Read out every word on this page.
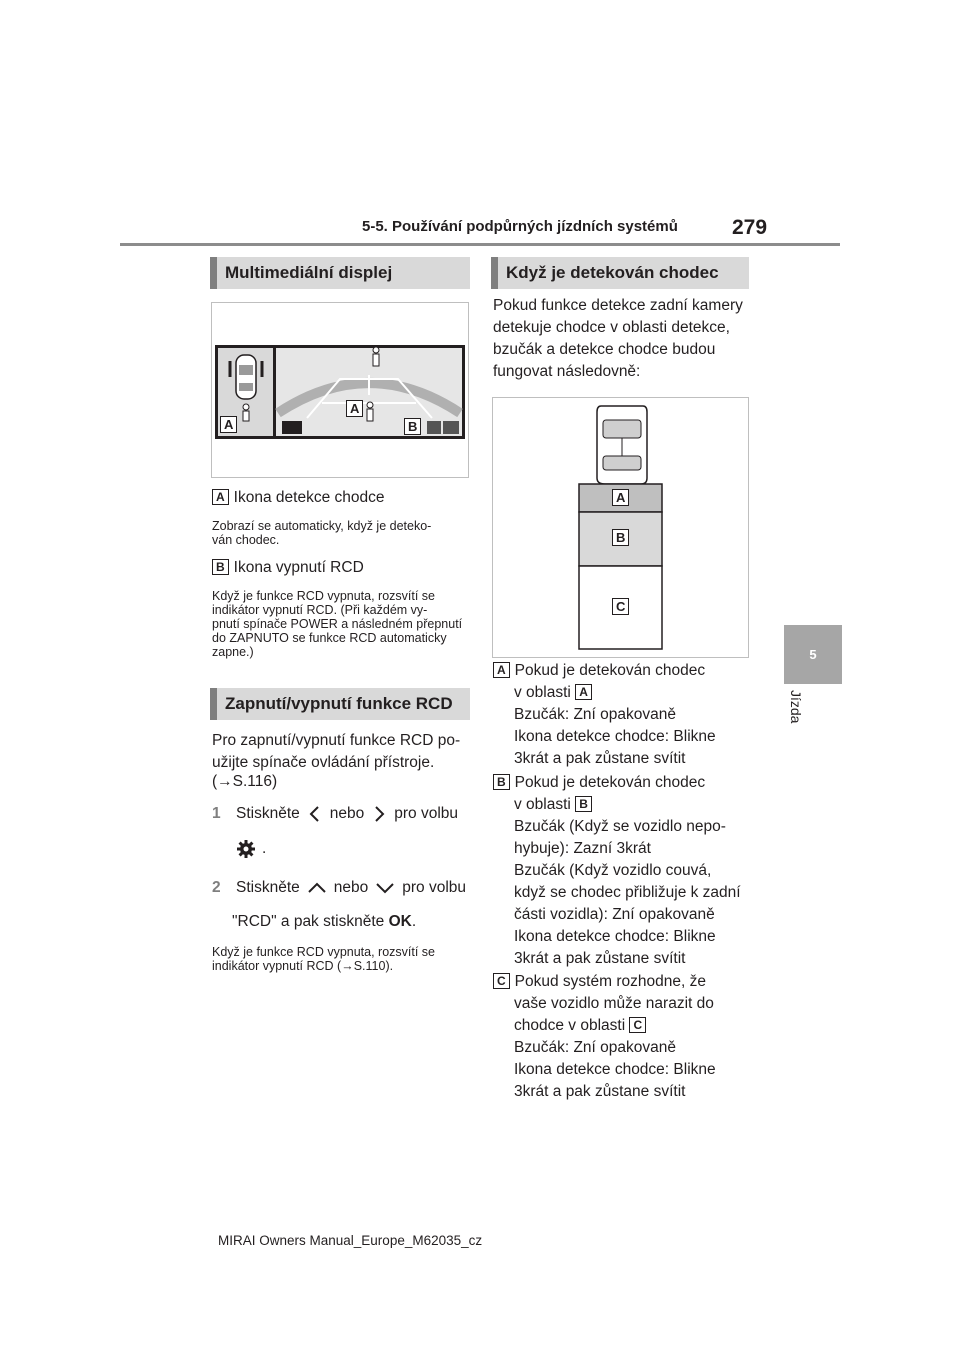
5-5. Používání podpůrných jízdních systémů	279
5
Jízda
Multimediální displej
A
A
B
A Ikona detekce chodce
Zobrazí se automaticky, když je deteko-
ván chodec.
B Ikona vypnutí RCD
Když je funkce RCD vypnuta, rozsvítí se indikátor vypnutí RCD. (Při každém vy-
pnutí spínače POWER a následném přepnutí do ZAPNUTO se funkce RCD automaticky zapne.)
Zapnutí/vypnutí funkce RCD
Pro zapnutí/vypnutí funkce RCD po-
užijte spínače ovládání přístroje.
(→S.116)
1 Stiskněte nebo pro volbu
.
2 Stiskněte nebo pro volbu
"RCD" a pak stiskněte OK.
Když je funkce RCD vypnuta, rozsvítí se
indikátor vypnutí RCD (→S.110).
Když je detekován chodec
Pokud funkce detekce zadní kamery
detekuje chodce v oblasti detekce,
bzučák a detekce chodce budou
fungovat následovně:
A
B
C
A Pokud je detekován chodec
v oblasti A
Bzučák: Zní opakovaně
Ikona detekce chodce: Blikne
3krát a pak zůstane svítit
B Pokud je detekován chodec
v oblasti B
Bzučák (Když se vozidlo nepo-
hybuje): Zazní 3krát
Bzučák (Když vozidlo couvá,
když se chodec přibližuje k zadní
části vozidla): Zní opakovaně
Ikona detekce chodce: Blikne
3krát a pak zůstane svítit
C Pokud systém rozhodne, že
vaše vozidlo může narazit do
chodce v oblasti C
Bzučák: Zní opakovaně
Ikona detekce chodce: Blikne
3krát a pak zůstane svítit
MIRAI Owners Manual_Europe_M62035_cz
